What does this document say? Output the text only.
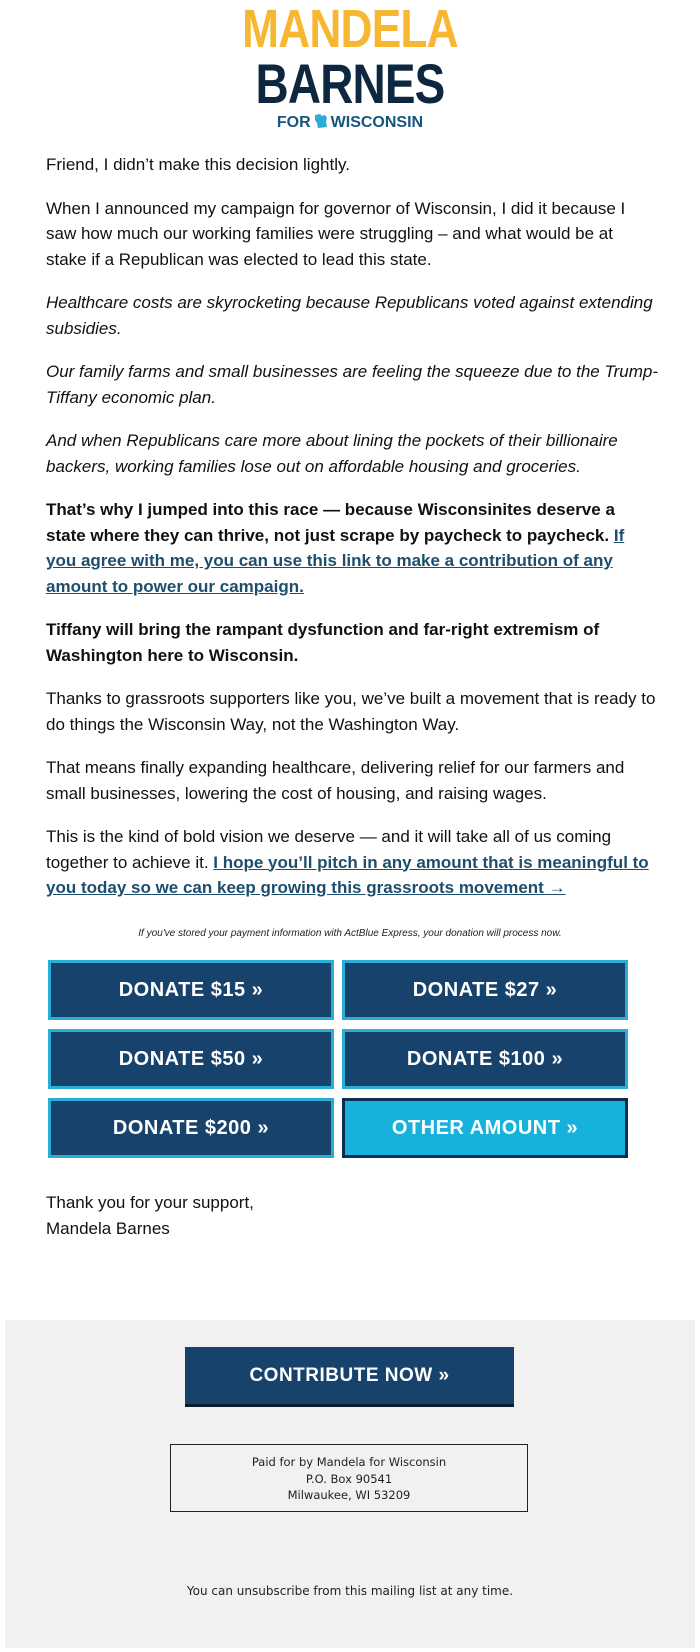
MANDELA
BARNES
FOR WISCONSIN

Friend, I didn’t make this decision lightly.

When I announced my campaign for governor of Wisconsin, I did it because I saw how much our working families were struggling – and what would be at stake if a Republican was elected to lead this state.

Healthcare costs are skyrocketing because Republicans voted against extending subsidies.

Our family farms and small businesses are feeling the squeeze due to the Trump-Tiffany economic plan.

And when Republicans care more about lining the pockets of their billionaire backers, working families lose out on affordable housing and groceries.

That’s why I jumped into this race — because Wisconsinites deserve a state where they can thrive, not just scrape by paycheck to paycheck. If you agree with me, you can use this link to make a contribution of any amount to power our campaign.

Tiffany will bring the rampant dysfunction and far-right extremism of Washington here to Wisconsin.

Thanks to grassroots supporters like you, we’ve built a movement that is ready to do things the Wisconsin Way, not the Washington Way.

That means finally expanding healthcare, delivering relief for our farmers and small businesses, lowering the cost of housing, and raising wages.

This is the kind of bold vision we deserve — and it will take all of us coming together to achieve it. I hope you’ll pitch in any amount that is meaningful to you today so we can keep growing this grassroots movement →

If you've stored your payment information with ActBlue Express, your donation will process now.
DONATE $15 »	DONATE $27 »
DONATE $50 »	DONATE $100 »
DONATE $200 »	OTHER AMOUNT »
Thank you for your support,
Mandela Barnes
CONTRIBUTE NOW »
Paid for by Mandela for Wisconsin
P.O. Box 90541
Milwaukee, WI 53209
You can unsubscribe from this mailing list at any time.
